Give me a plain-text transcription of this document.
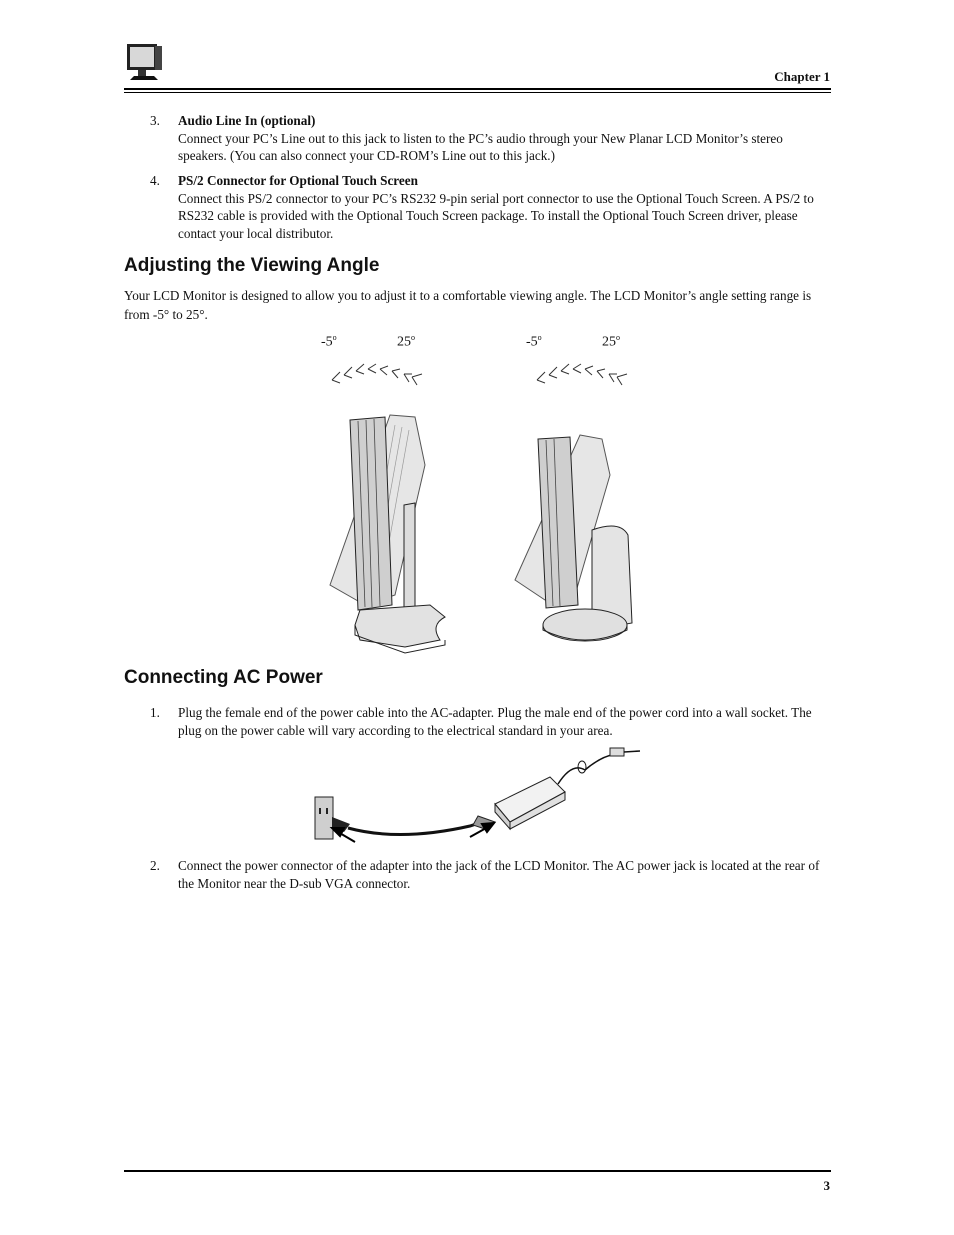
Chapter 1
3. Audio Line In (optional)
Connect your PC’s Line out to this jack to listen to the PC’s audio through your New Planar LCD Monitor’s stereo speakers. (You can also connect your CD-ROM’s Line out to this jack.)
4. PS/2 Connector for Optional Touch Screen
Connect this PS/2 connector to your PC’s RS232 9-pin serial port connector to use the Optional Touch Screen. A PS/2 to RS232 cable is provided with the Optional Touch Screen package. To install the Optional Touch Screen driver, please contact your local distributor.
Adjusting the Viewing Angle
Your LCD Monitor is designed to allow you to adjust it to a comfortable viewing angle. The LCD Monitor’s angle setting range is from -5° to 25°.
-5$^o$	25$^o$	-5$^o$	25$^o$
Connecting AC Power
1. Plug the female end of the power cable into the AC-adapter. Plug the male end of the power cord into a wall socket. The plug on the power cable will vary according to the electrical standard in your area.
2. Connect the power connector of the adapter into the jack of the LCD Monitor. The AC power jack is located at the rear of the Monitor near the D-sub VGA connector.
3
